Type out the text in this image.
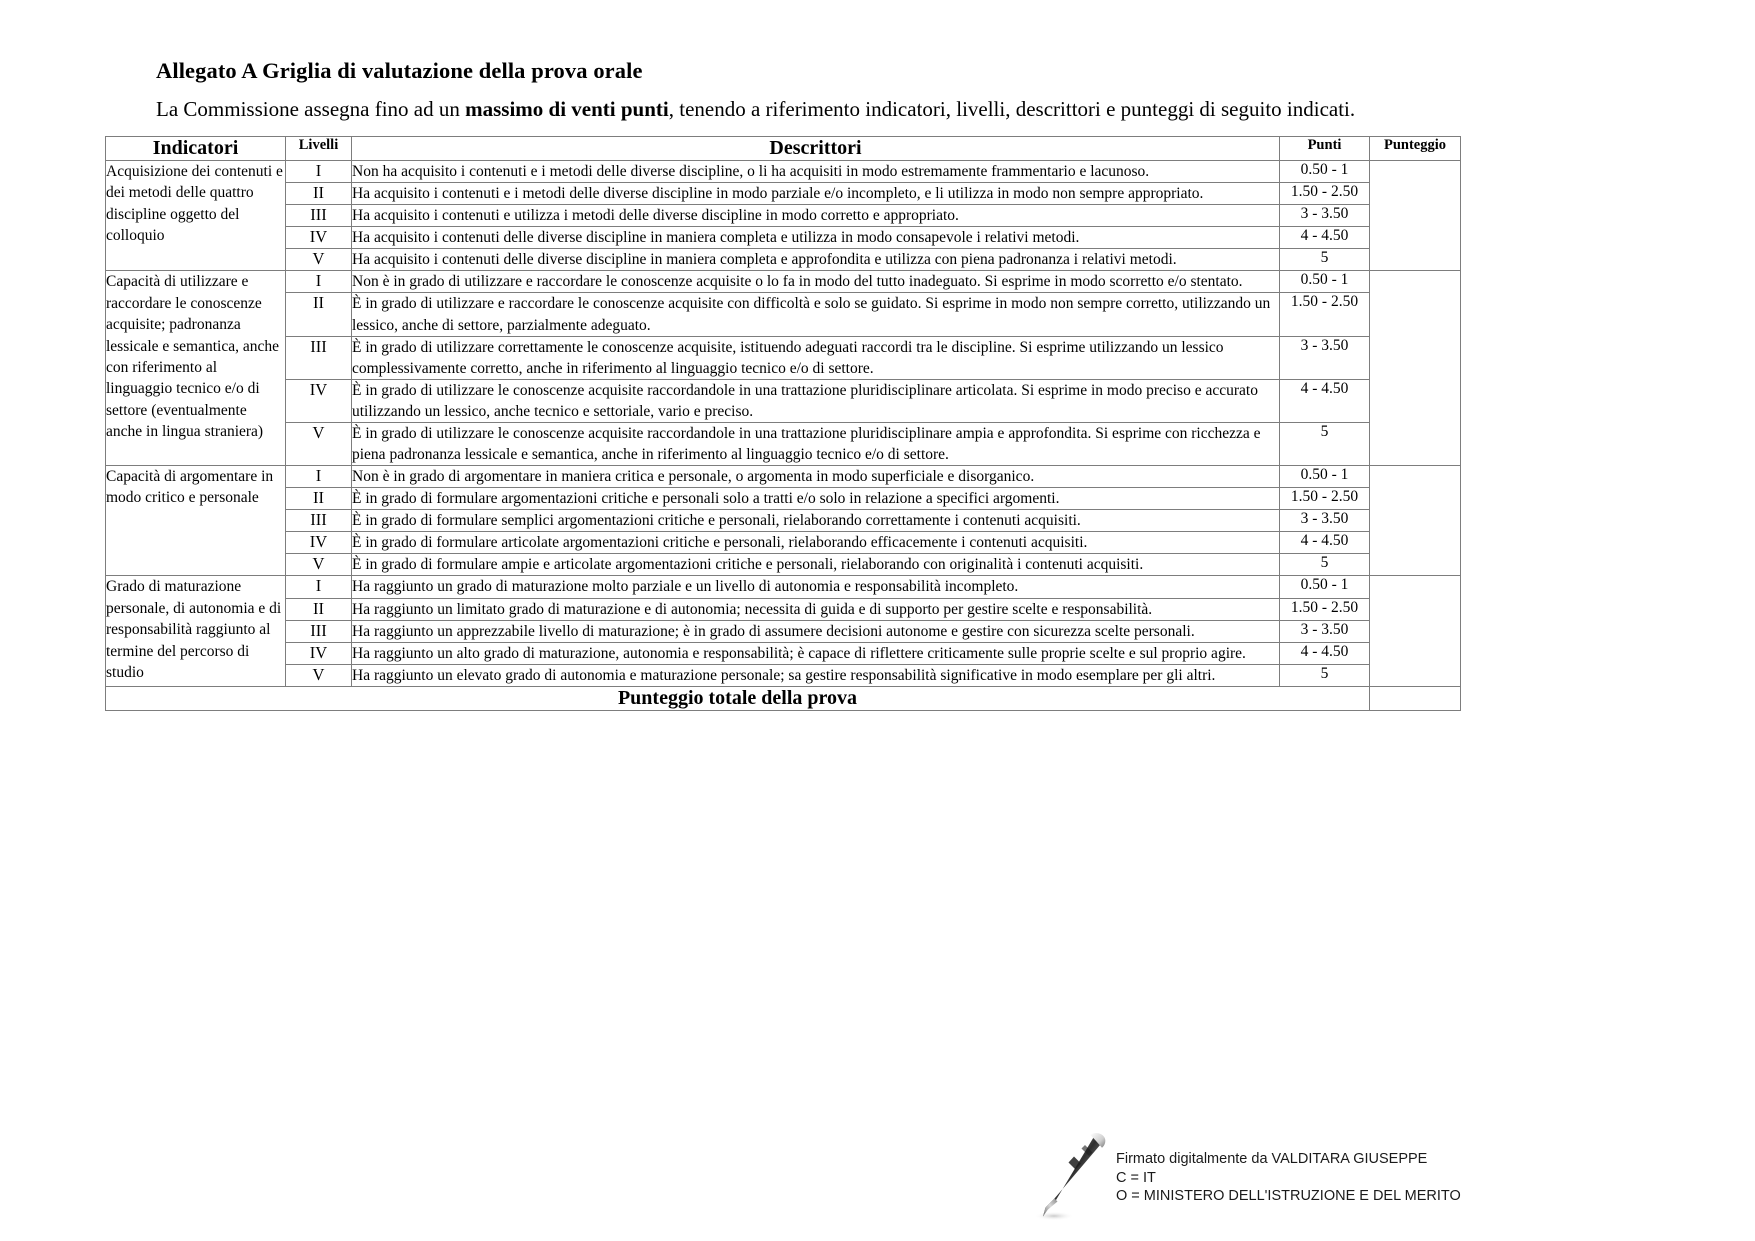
Allegato A Griglia di valutazione della prova orale
La Commissione assegna fino ad un massimo di venti punti, tenendo a riferimento indicatori, livelli, descrittori e punteggi di seguito indicati.
Indicatori	Livelli	Descrittori	Punti	Punteggio
Acquisizione dei contenuti e dei metodi delle quattro discipline oggetto del colloquio	I	Non ha acquisito i contenuti e i metodi delle diverse discipline, o li ha acquisiti in modo estremamente frammentario e lacunoso.	0.50 - 1	
	II	Ha acquisito i contenuti e i metodi delle diverse discipline in modo parziale e/o incompleto, e li utilizza in modo non sempre appropriato.	1.50 - 2.50	
	III	Ha acquisito i contenuti e utilizza i metodi delle diverse discipline in modo corretto e appropriato.	3 - 3.50	
	IV	Ha acquisito i contenuti delle diverse discipline in maniera completa e utilizza in modo consapevole i relativi metodi.	4 - 4.50	
	V	Ha acquisito i contenuti delle diverse discipline in maniera completa e approfondita e utilizza con piena padronanza i relativi metodi.	5	
Capacità di utilizzare e raccordare le conoscenze acquisite; padronanza lessicale e semantica, anche con riferimento al linguaggio tecnico e/o di settore (eventualmente anche in lingua straniera)	I	Non è in grado di utilizzare e raccordare le conoscenze acquisite o lo fa in modo del tutto inadeguato. Si esprime in modo scorretto e/o stentato.	0.50 - 1	
	II	È in grado di utilizzare e raccordare le conoscenze acquisite con difficoltà e solo se guidato. Si esprime in modo non sempre corretto, utilizzando un lessico, anche di settore, parzialmente adeguato.	1.50 - 2.50	
	III	È in grado di utilizzare correttamente le conoscenze acquisite, istituendo adeguati raccordi tra le discipline. Si esprime utilizzando un lessico complessivamente corretto, anche in riferimento al linguaggio tecnico e/o di settore.	3 - 3.50	
	IV	È in grado di utilizzare le conoscenze acquisite raccordandole in una trattazione pluridisciplinare articolata. Si esprime in modo preciso e accurato utilizzando un lessico, anche tecnico e settoriale, vario e preciso.	4 - 4.50	
	V	È in grado di utilizzare le conoscenze acquisite raccordandole in una trattazione pluridisciplinare ampia e approfondita. Si esprime con ricchezza e piena padronanza lessicale e semantica, anche in riferimento al linguaggio tecnico e/o di settore.	5	
Capacità di argomentare in modo critico e personale	I	Non è in grado di argomentare in maniera critica e personale, o argomenta in modo superficiale e disorganico.	0.50 - 1	
	II	È in grado di formulare argomentazioni critiche e personali solo a tratti e/o solo in relazione a specifici argomenti.	1.50 - 2.50	
	III	È in grado di formulare semplici argomentazioni critiche e personali, rielaborando correttamente i contenuti acquisiti.	3 - 3.50	
	IV	È in grado di formulare articolate argomentazioni critiche e personali, rielaborando efficacemente i contenuti acquisiti.	4 - 4.50	
	V	È in grado di formulare ampie e articolate argomentazioni critiche e personali, rielaborando con originalità i contenuti acquisiti.	5	
Grado di maturazione personale, di autonomia e di responsabilità raggiunto al termine del percorso di studio	I	Ha raggiunto un grado di maturazione molto parziale e un livello di autonomia e responsabilità incompleto.	0.50 - 1	
	II	Ha raggiunto un limitato grado di maturazione e di autonomia; necessita di guida e di supporto per gestire scelte e responsabilità.	1.50 - 2.50	
	III	Ha raggiunto un apprezzabile livello di maturazione; è in grado di assumere decisioni autonome e gestire con sicurezza scelte personali.	3 - 3.50	
	IV	Ha raggiunto un alto grado di maturazione, autonomia e responsabilità; è capace di riflettere criticamente sulle proprie scelte e sul proprio agire.	4 - 4.50	
	V	Ha raggiunto un elevato grado di autonomia e maturazione personale; sa gestire responsabilità significative in modo esemplare per gli altri.	5	
Punteggio totale della prova				
Firmato digitalmente da VALDITARA GIUSEPPE
C = IT
O = MINISTERO DELL'ISTRUZIONE E DEL MERITO
